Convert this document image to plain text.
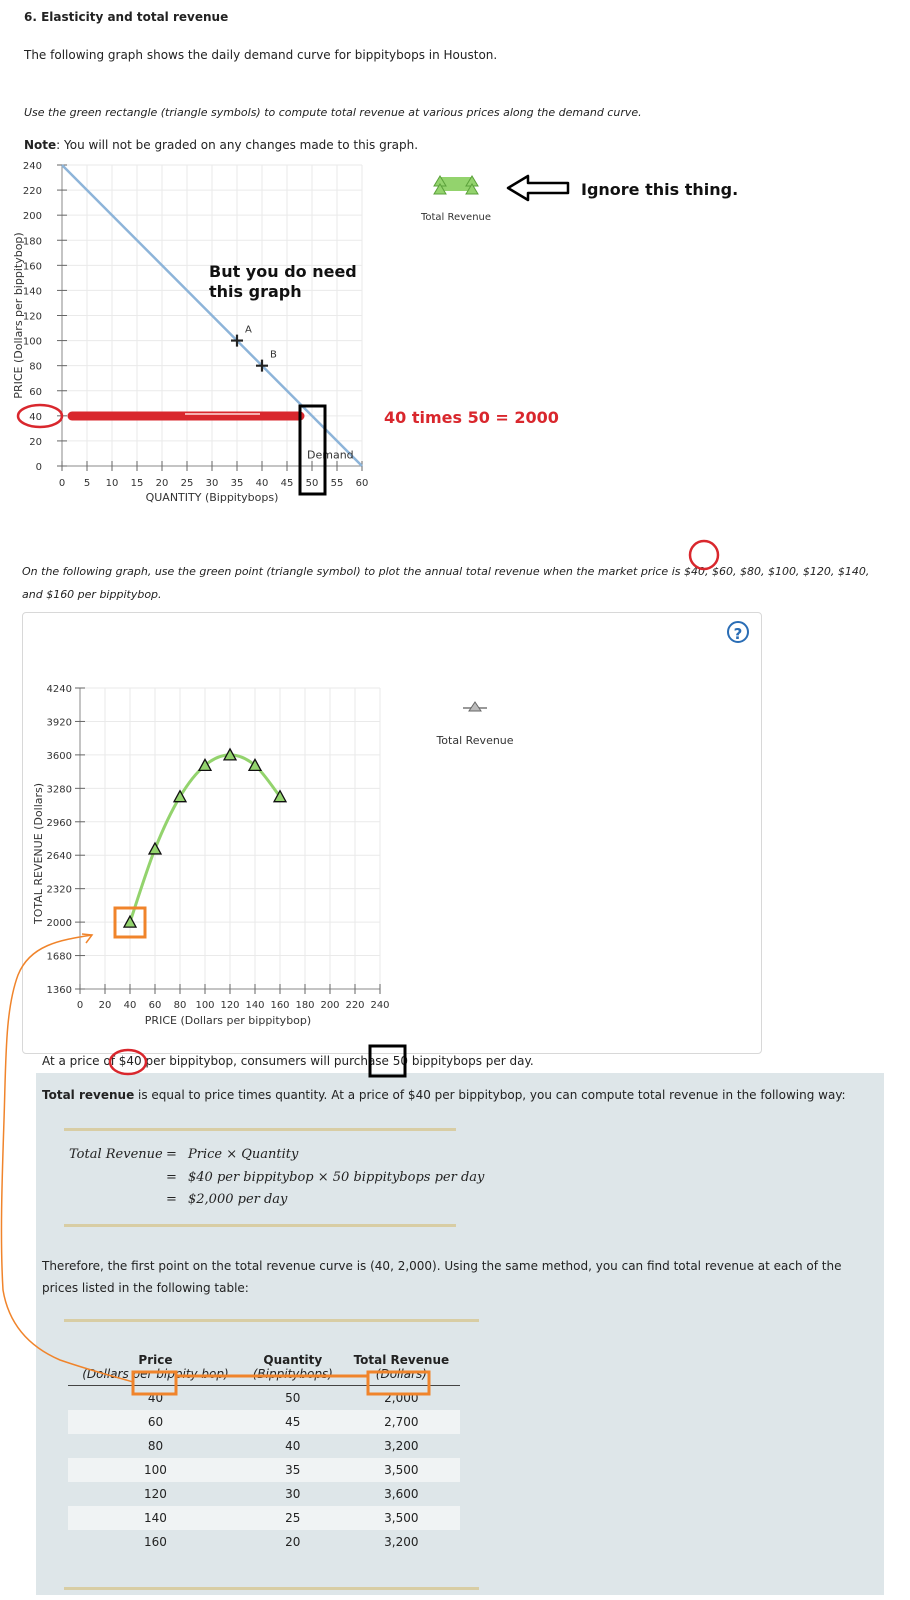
6. Elasticity and total revenue
The following graph shows the daily demand curve for bippitybops in Houston.
Use the green rectangle (triangle symbols) to compute total revenue at various prices along the demand curve.
Note: You will not be graded on any changes made to this graph.
0 5 10 15 20 25 30 35 40 45 50 55 60
0
20
40
60
80
100
120
140
160
180
200
220
240
A
B
Demand
QUANTITY (Bippitybops)
PRICE (Dollars per bippitybop)
Total Revenue
Ignore this thing.
But you do need
this graph
40 times 50 = 2000
On the following graph, use the green point (triangle symbol) to plot the annual total revenue when the market price is $40, $60, $80, $100, $120, $140, and $160 per bippitybop.
?
0 20 40 60 80 100 120 140 160 180 200 220 240
1360
1680
2000
2320
2640
2960
3280
3600
3920
4240
PRICE (Dollars per bippitybop)
TOTAL REVENUE (Dollars)
Total Revenue
At a price of $40 per bippitybop, consumers will purchase 50 bippitybops per day.
Total revenue is equal to price times quantity. At a price of $40 per bippitybop, you can compute total revenue in the following way:
Total Revenue = Price × Quantity
= $40 per bippitybop × 50 bippitybops per day
= $2,000 per day
Therefore, the first point on the total revenue curve is (40, 2,000). Using the same method, you can find total revenue at each of the prices listed in the following table:
Price	Quantity	Total Revenue
(Dollars per bippity bop)	(Bippitybops)	(Dollars)
40	50	2,000
60	45	2,700
80	40	3,200
100	35	3,500
120	30	3,600
140	25	3,500
160	20	3,200
